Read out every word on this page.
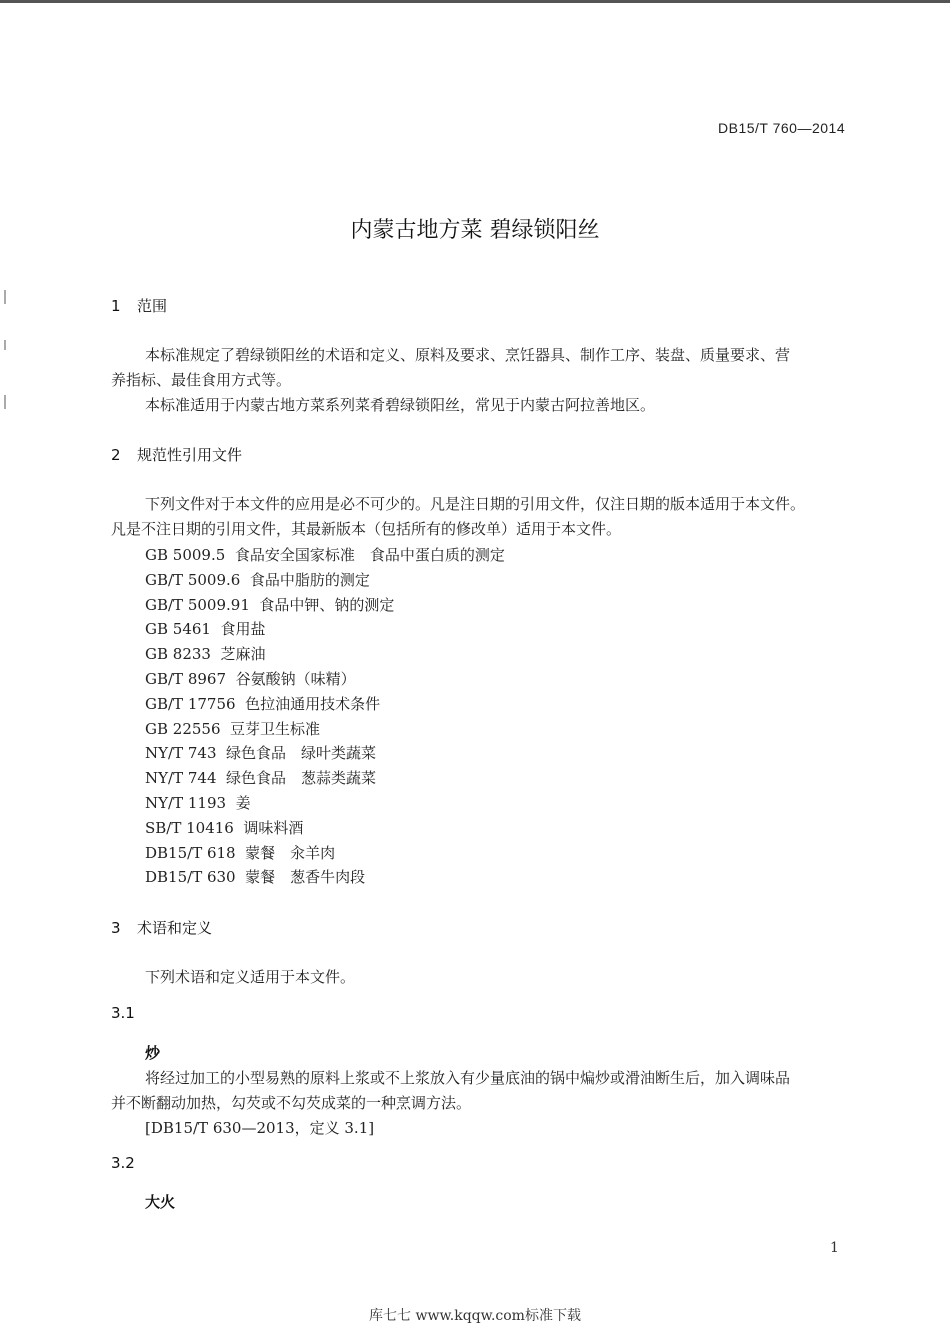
DB15/T 760—2014
内蒙古地方菜 碧绿锁阳丝
1 范围
本标准规定了碧绿锁阳丝的术语和定义、原料及要求、烹饪器具、制作工序、装盘、质量要求、营
养指标、最佳食用方式等。
本标准适用于内蒙古地方菜系列菜肴碧绿锁阳丝，常见于内蒙古阿拉善地区。
2 规范性引用文件
下列文件对于本文件的应用是必不可少的。凡是注日期的引用文件，仅注日期的版本适用于本文件。
凡是不注日期的引用文件，其最新版本（包括所有的修改单）适用于本文件。
GB 5009.5 食品安全国家标准　食品中蛋白质的测定
GB/T 5009.6 食品中脂肪的测定
GB/T 5009.91 食品中钾、钠的测定
GB 5461 食用盐
GB 8233 芝麻油
GB/T 8967 谷氨酸钠（味精）
GB/T 17756 色拉油通用技术条件
GB 22556 豆芽卫生标准
NY/T 743 绿色食品　绿叶类蔬菜
NY/T 744 绿色食品　葱蒜类蔬菜
NY/T 1193 姜
SB/T 10416 调味料酒
DB15/T 618 蒙餐　汆羊肉
DB15/T 630 蒙餐　葱香牛肉段
3 术语和定义
下列术语和定义适用于本文件。
3.1
炒
将经过加工的小型易熟的原料上浆或不上浆放入有少量底油的锅中煸炒或滑油断生后，加入调味品
并不断翻动加热，勾芡或不勾芡成菜的一种烹调方法。
[DB15/T 630—2013，定义 3.1]
3.2
大火
1
库七七 www.kqqw.com标准下载
